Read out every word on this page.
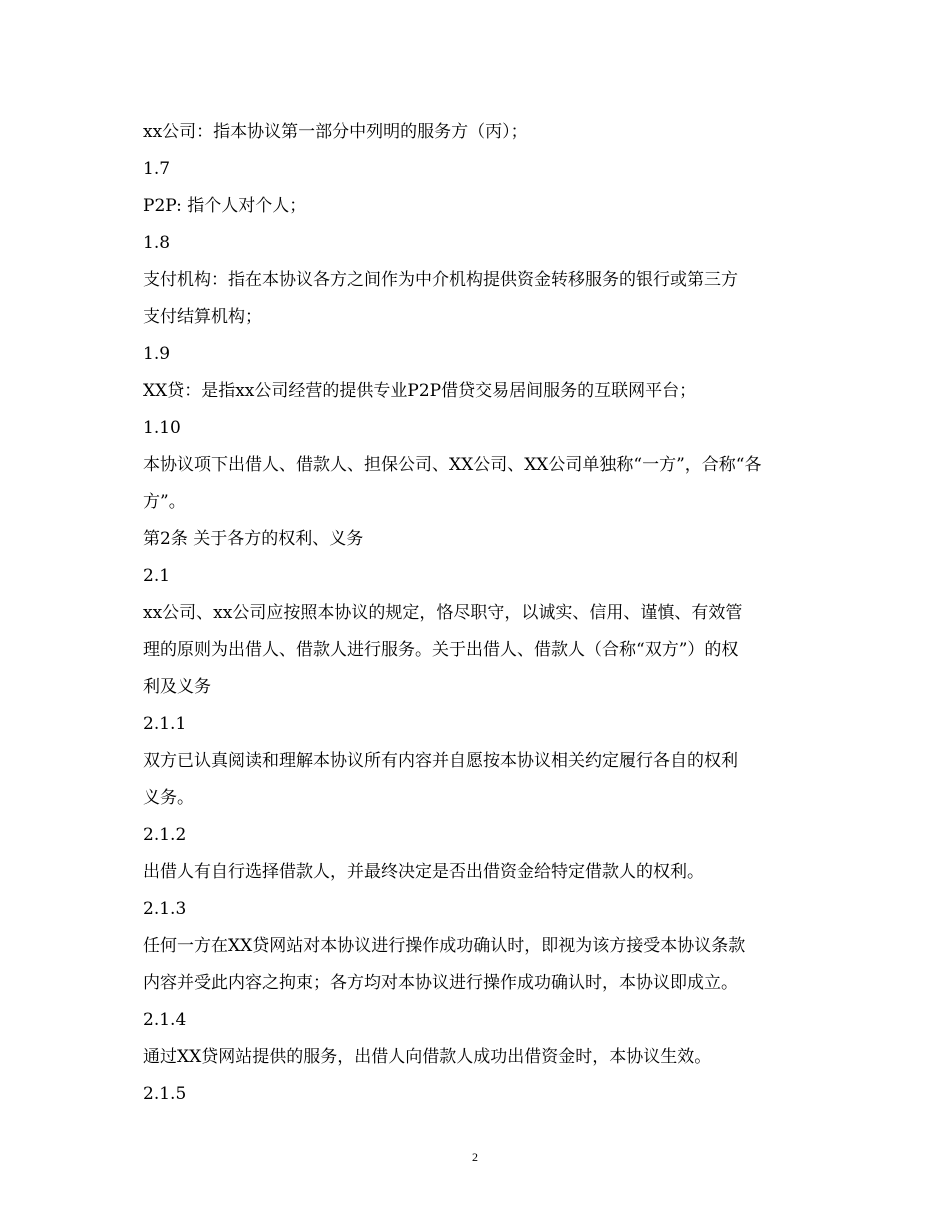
xx公司：指本协议第一部分中列明的服务方（丙）；
1.7
P2P: 指个人对个人；
1.8
支付机构：指在本协议各方之间作为中介机构提供资金转移服务的银行或第三方
支付结算机构；
1.9
XX贷：是指xx公司经营的提供专业P2P借贷交易居间服务的互联网平台；
1.10
本协议项下出借人、借款人、担保公司、XX公司、XX公司单独称“一方”，合称“各
方”。
第2条 关于各方的权利、义务
2.1
xx公司、xx公司应按照本协议的规定，恪尽职守，以诚实、信用、谨慎、有效管
理的原则为出借人、借款人进行服务。关于出借人、借款人（合称“双方”）的权
利及义务
2.1.1
双方已认真阅读和理解本协议所有内容并自愿按本协议相关约定履行各自的权利
义务。
2.1.2
出借人有自行选择借款人，并最终决定是否出借资金给特定借款人的权利。
2.1.3
任何一方在XX贷网站对本协议进行操作成功确认时，即视为该方接受本协议条款
内容并受此内容之拘束；各方均对本协议进行操作成功确认时，本协议即成立。
2.1.4
通过XX贷网站提供的服务，出借人向借款人成功出借资金时，本协议生效。
2.1.5
2
